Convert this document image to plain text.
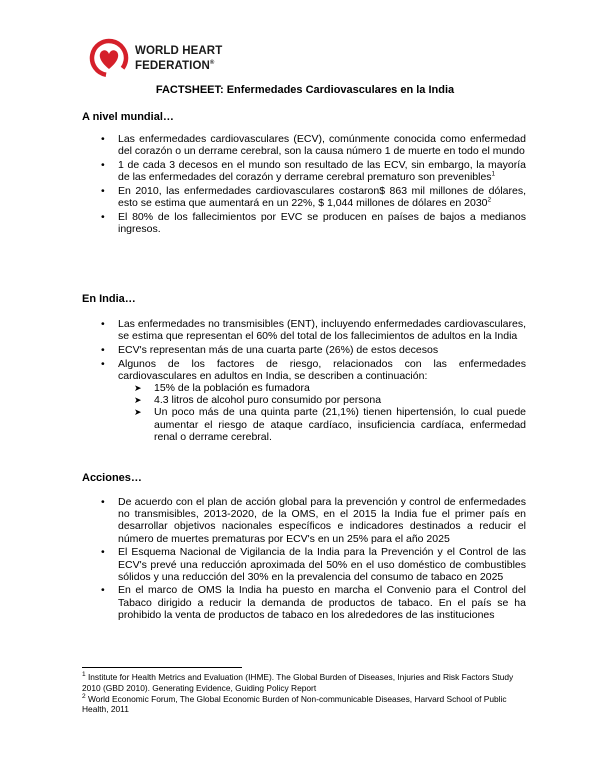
WORLD HEART
FEDERATION®
FACTSHEET: Enfermedades Cardiovasculares en la India
A nivel mundial…
• Las enfermedades cardiovasculares (ECV), comúnmente conocida como enfermedad del corazón o un derrame cerebral, son la causa número 1 de muerte en todo el mundo
• 1 de cada 3 decesos en el mundo son resultado de las ECV, sin embargo, la mayoría de las enfermedades del corazón y derrame cerebral prematuro son prevenibles$^1$
• En 2010, las enfermedades cardiovasculares costaron$ 863 mil millones de dólares, esto se estima que aumentará en un 22%, $ 1,044 millones de dólares en 2030$^2$
• El 80% de los fallecimientos por EVC se producen en países de bajos a medianos ingresos.
En India…
• Las enfermedades no transmisibles (ENT), incluyendo enfermedades cardiovasculares, se estima que representan el 60% del total de los fallecimientos de adultos en la India
• ECV's representan más de una cuarta parte (26%) de estos decesos
• Algunos de los factores de riesgo, relacionados con las enfermedades cardiovasculares en adultos en India, se describen a continuación:
➤ 15% de la población es fumadora
➤ 4.3 litros de alcohol puro consumido por persona
➤ Un poco más de una quinta parte (21,1%) tienen hipertensión, lo cual puede aumentar el riesgo de ataque cardíaco, insuficiencia cardíaca, enfermedad renal o derrame cerebral.
Acciones…
• De acuerdo con el plan de acción global para la prevención y control de enfermedades no transmisibles, 2013-2020, de la OMS, en el 2015 la India fue el primer país en desarrollar objetivos nacionales específicos e indicadores destinados a reducir el número de muertes prematuras por ECV's en un 25% para el año 2025
• El Esquema Nacional de Vigilancia de la India para la Prevención y el Control de las ECV's prevé una reducción aproximada del 50% en el uso doméstico de combustibles sólidos y una reducción del 30% en la prevalencia del consumo de tabaco en 2025
• En el marco de OMS la India ha puesto en marcha el Convenio para el Control del Tabaco dirigido a reducir la demanda de productos de tabaco. En el país se ha prohibido la venta de productos de tabaco en los alrededores de las instituciones
$^1$ Institute for Health Metrics and Evaluation (IHME). The Global Burden of Diseases, Injuries and Risk Factors Study 2010 (GBD 2010). Generating Evidence, Guiding Policy Report
$^2$ World Economic Forum, The Global Economic Burden of Non-communicable Diseases, Harvard School of Public Health, 2011
